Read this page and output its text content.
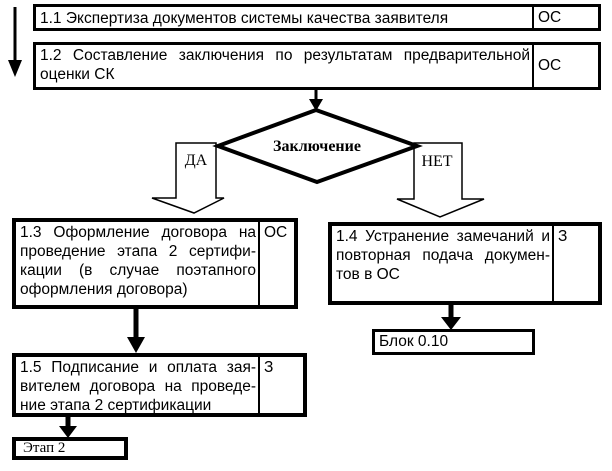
1.1 Экспертиза документов системы качества заявителя	ОС
1.2 Составление заключения по результатам предварительной
оценки СК
ОС
Заключение
ДА	НЕТ
1.3 Оформление договора на
проведение этапа 2 сертифи-
кации (в случае поэтапного
оформления договора)
ОС	1.4 Устранение замечаний и
повторная подача докумен-
тов в ОС
З
1.5 Подписание и оплата зая-
вителем договора на проведе-
ние этапа 2 сертификации
З
Блок 0.10
Этап 2
